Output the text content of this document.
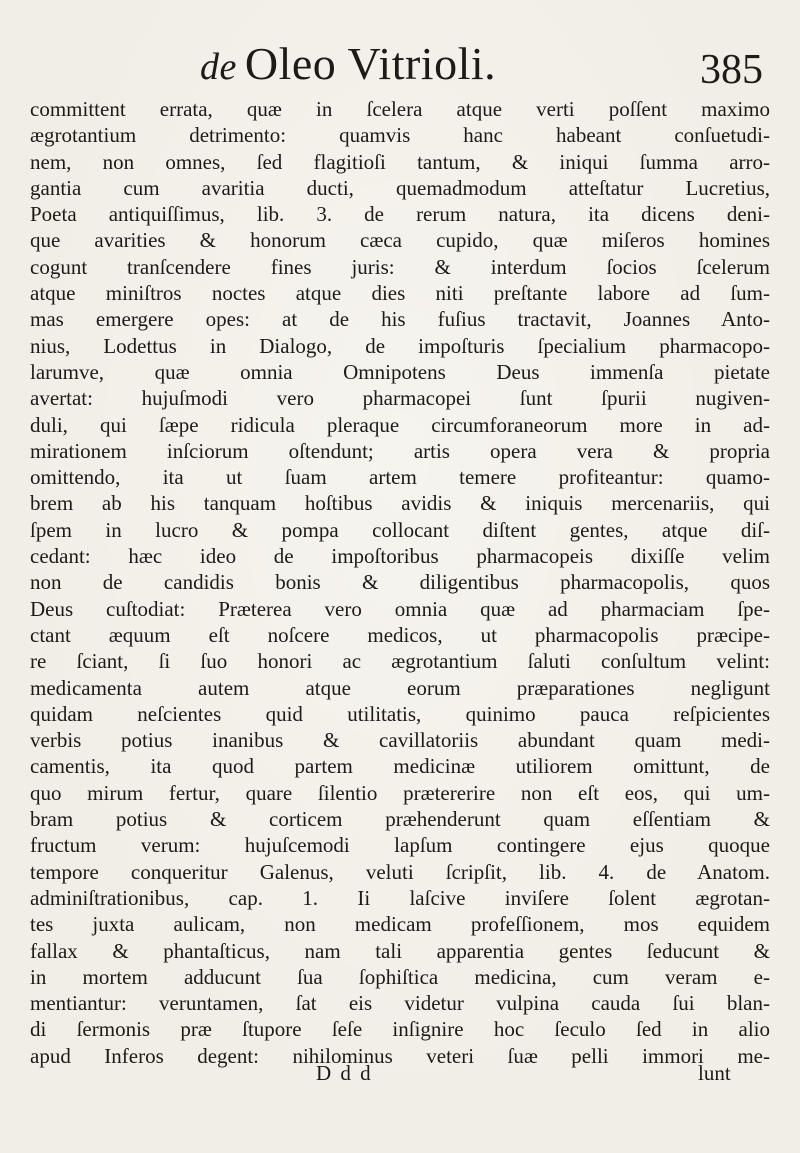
de Oleo Vitrioli.	385
committent errata, quæ in ſcelera atque verti poſſent maximo
ægrotantium detrimento: quamvis hanc habeant conſuetudi-
nem, non omnes, ſed flagitioſi tantum, & iniqui ſumma arro-
gantia cum avaritia ducti, quemadmodum atteſtatur Lucretius,
Poeta antiquiſſimus, lib. 3. de rerum natura, ita dicens deni-
que avarities & honorum cæca cupido, quæ miſeros homines
cogunt tranſcendere fines juris: & interdum ſocios ſcelerum
atque miniſtros noctes atque dies niti preſtante labore ad ſum-
mas emergere opes: at de his fuſius tractavit, Joannes Anto-
nius, Lodettus in Dialogo, de impoſturis ſpecialium pharmacopo-
larumve, quæ omnia Omnipotens Deus immenſa pietate
avertat: hujuſmodi vero pharmacopei ſunt ſpurii nugiven-
duli, qui ſæpe ridicula pleraque circumforaneorum more in ad-
mirationem inſciorum oſtendunt; artis opera vera & propria
omittendo, ita ut ſuam artem temere profiteantur: quamo-
brem ab his tanquam hoſtibus avidis & iniquis mercenariis, qui
ſpem in lucro & pompa collocant diſtent gentes, atque diſ-
cedant: hæc ideo de impoſtoribus pharmacopeis dixiſſe velim
non de candidis bonis & diligentibus pharmacopolis, quos
Deus cuſtodiat: Præterea vero omnia quæ ad pharmaciam ſpe-
ctant æquum eſt noſcere medicos, ut pharmacopolis præcipe-
re ſciant, ſi ſuo honori ac ægrotantium ſaluti conſultum velint:
medicamenta autem atque eorum præparationes negligunt
quidam neſcientes quid utilitatis, quinimo pauca reſpicientes
verbis potius inanibus & cavillatoriis abundant quam medi-
camentis, ita quod partem medicinæ utiliorem omittunt, de
quo mirum fertur, quare ſilentio prætererire non eſt eos, qui um-
bram potius & corticem præhenderunt quam eſſentiam &
fructum verum: hujuſcemodi lapſum contingere ejus quoque
tempore conqueritur Galenus, veluti ſcripſit, lib. 4. de Anatom.
adminiſtrationibus, cap. 1. Ii laſcive inviſere ſolent ægrotan-
tes juxta aulicam, non medicam profeſſionem, mos equidem
fallax & phantaſticus, nam tali apparentia gentes ſeducunt &
in mortem adducunt ſua ſophiſtica medicina, cum veram e-
mentiantur: veruntamen, ſat eis videtur vulpina cauda ſui blan-
di ſermonis præ ſtupore ſeſe inſignire hoc ſeculo ſed in alio
apud Inferos degent: nihilominus veteri ſuæ pelli immori me-
D d d	lunt
